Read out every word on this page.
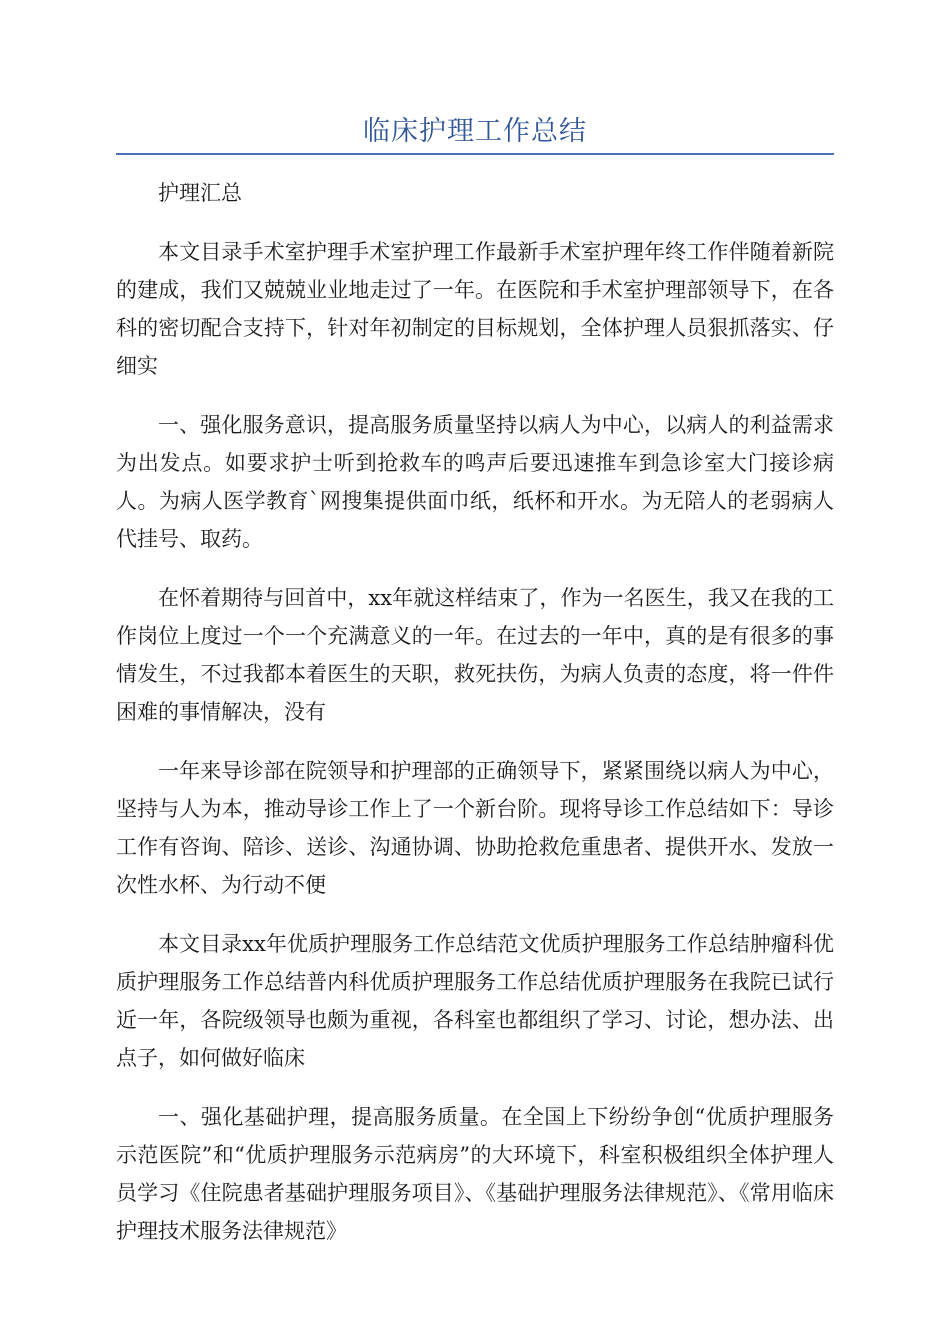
临床护理工作总结

护理汇总

本文目录手术室护理手术室护理工作最新手术室护理年终工作伴随着新院的建成，我们又兢兢业业地走过了一年。在医院和手术室护理部领导下，在各科的密切配合支持下，针对年初制定的目标规划，全体护理人员狠抓落实、仔细实

一、强化服务意识，提高服务质量坚持以病人为中心，以病人的利益需求为出发点。如要求护士听到抢救车的鸣声后要迅速推车到急诊室大门接诊病人。为病人医学教育`网搜集提供面巾纸，纸杯和开水。为无陪人的老弱病人代挂号、取药。

在怀着期待与回首中，xx年就这样结束了，作为一名医生，我又在我的工作岗位上度过一个一个充满意义的一年。在过去的一年中，真的是有很多的事情发生，不过我都本着医生的天职，救死扶伤，为病人负责的态度，将一件件困难的事情解决，没有

一年来导诊部在院领导和护理部的正确领导下，紧紧围绕以病人为中心，坚持与人为本，推动导诊工作上了一个新台阶。现将导诊工作总结如下：导诊工作有咨询、陪诊、送诊、沟通协调、协助抢救危重患者、提供开水、发放一次性水杯、为行动不便

本文目录xx年优质护理服务工作总结范文优质护理服务工作总结肿瘤科优质护理服务工作总结普内科优质护理服务工作总结优质护理服务在我院已试行近一年，各院级领导也颇为重视，各科室也都组织了学习、讨论，想办法、出点子，如何做好临床

一、强化基础护理，提高服务质量。在全国上下纷纷争创“优质护理服务示范医院”和“优质护理服务示范病房”的大环境下，科室积极组织全体护理人员学习《住院患者基础护理服务项目》、《基础护理服务法律规范》、《常用临床护理技术服务法律规范》
